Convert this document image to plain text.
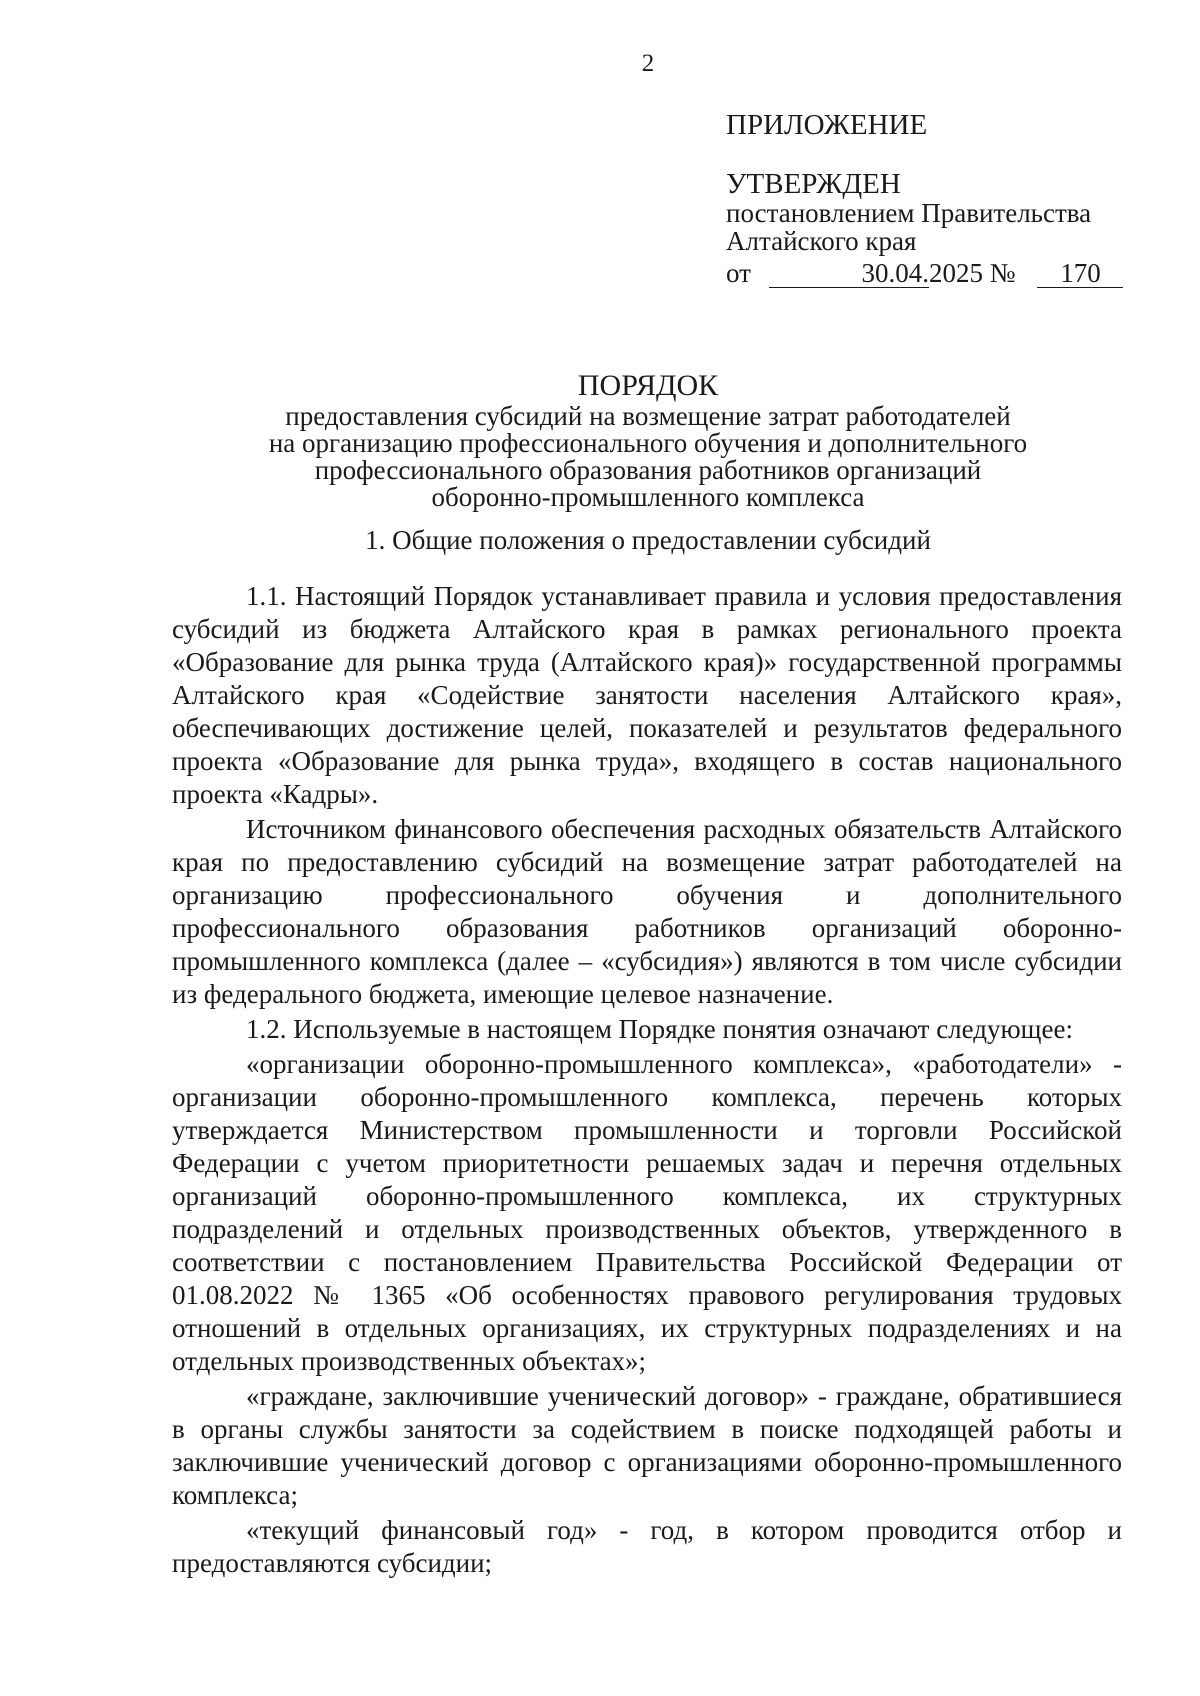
2
ПРИЛОЖЕНИЕ
УТВЕРЖДЕН
постановлением Правительства
Алтайского края
от	30.04.2025 № 170
ПОРЯДОК
предоставления субсидий на возмещение затрат работодателей
на организацию профессионального обучения и дополнительного
профессионального образования работников организаций
оборонно-промышленного комплекса
1. Общие положения о предоставлении субсидий

1.1. Настоящий Порядок устанавливает правила и условия предоставления субсидий из бюджета Алтайского края в рамках регионального проекта «Образование для рынка труда (Алтайского края)» государственной программы Алтайского края «Содействие занятости населения Алтайского края», обеспечивающих достижение целей, показателей и результатов федерального проекта «Образование для рынка труда», входящего в состав национального проекта «Кадры».

Источником финансового обеспечения расходных обязательств Алтайского края по предоставлению субсидий на возмещение затрат работодателей на организацию профессионального обучения и дополнительного профессионального образования работников организаций оборонно-промышленного комплекса (далее – «субсидия») являются в том числе субсидии из федерального бюджета, имеющие целевое назначение.

1.2. Используемые в настоящем Порядке понятия означают следующее:

«организации оборонно-промышленного комплекса», «работодатели» - организации оборонно-промышленного комплекса, перечень которых утверждается Министерством промышленности и торговли Российской Федерации с учетом приоритетности решаемых задач и перечня отдельных организаций оборонно-промышленного комплекса, их структурных подразделений и отдельных производственных объектов, утвержденного в соответствии с постановлением Правительства Российской Федерации от 01.08.2022 № 1365 «Об особенностях правового регулирования трудовых отношений в отдельных организациях, их структурных подразделениях и на отдельных производственных объектах»;

«граждане, заключившие ученический договор» - граждане, обратившиеся в органы службы занятости за содействием в поиске подходящей работы и заключившие ученический договор с организациями оборонно-промышленного комплекса;

«текущий финансовый год» - год, в котором проводится отбор и предоставляются субсидии;
